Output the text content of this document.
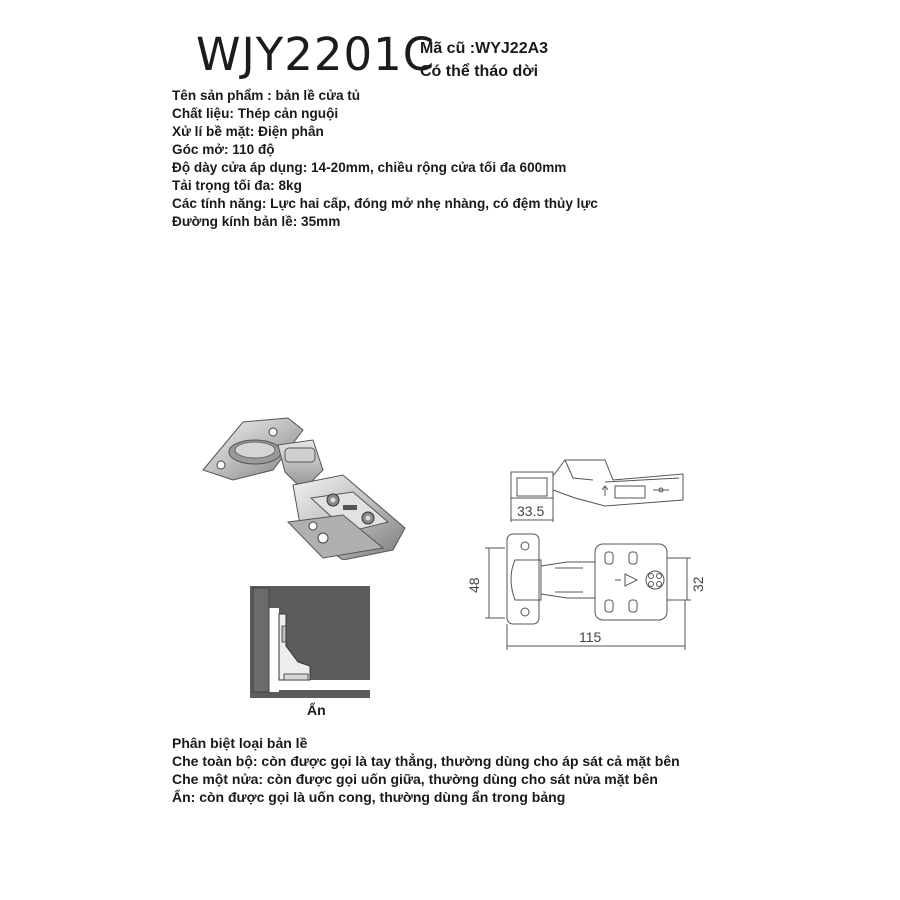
WJY2201C
Mã cũ :WYJ22A3
Có thể tháo dời
Tên sản phẩm : bản lề cửa tủ
Chất liệu: Thép cản nguội
Xử lí bề mặt: Điện phân
Góc mở: 110 độ
Độ dày cửa áp dụng: 14-20mm, chiều rộng cửa tối đa 600mm
Tải trọng tối đa: 8kg
Các tính năng: Lực hai cấp, đóng mở nhẹ nhàng, có đệm thủy lực
Đường kính bản lề: 35mm
Ẩn
33.5
48	32
115
Phân biệt loại bản lề
Che toàn bộ: còn được gọi là tay thẳng, thường dùng cho áp sát cả mặt bên
Che một nửa: còn được gọi uốn giữa, thường dùng cho sát nửa mặt bên
Ẩn: còn được gọi là uốn cong, thường dùng ẩn trong bảng
